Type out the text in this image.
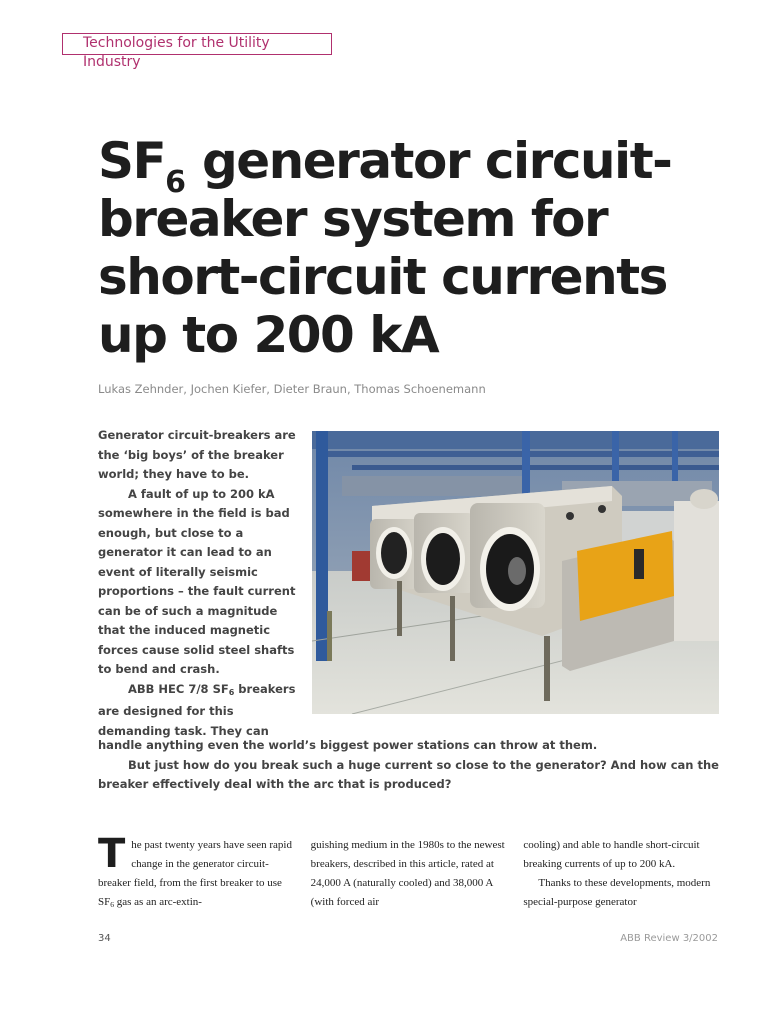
Technologies for the Utility Industry
$SF_6$ generator circuit-breaker system for short-circuit currents up to 200 kA
Lukas Zehnder, Jochen Kiefer, Dieter Braun, Thomas Schoenemann

Generator circuit-breakers are the ‘big boys’ of the breaker world; they have to be.

A fault of up to 200 kA somewhere in the field is bad enough, but close to a generator it can lead to an event of literally seismic proportions – the fault current can be of such a magnitude that the induced magnetic forces cause solid steel shafts to bend and crash.

ABB HEC 7/8 $SF_6$ breakers are designed for this demanding task. They can

handle anything even the world’s biggest power stations can throw at them.

But just how do you break such a huge current so close to the generator? And how can the breaker effectively deal with the arc that is produced?

The past twenty years have seen rapid change in the generator circuit-breaker field, from the first breaker to use $SF_6$ gas as an arc-extin-

guishing medium in the 1980s to the newest breakers, described in this article, rated at 24,000 A (naturally cooled) and 38,000 A (with forced air

cooling) and able to handle short-circuit breaking currents of up to 200 kA.

Thanks to these developments, modern special-purpose generator

34	ABB Review 3/2002
